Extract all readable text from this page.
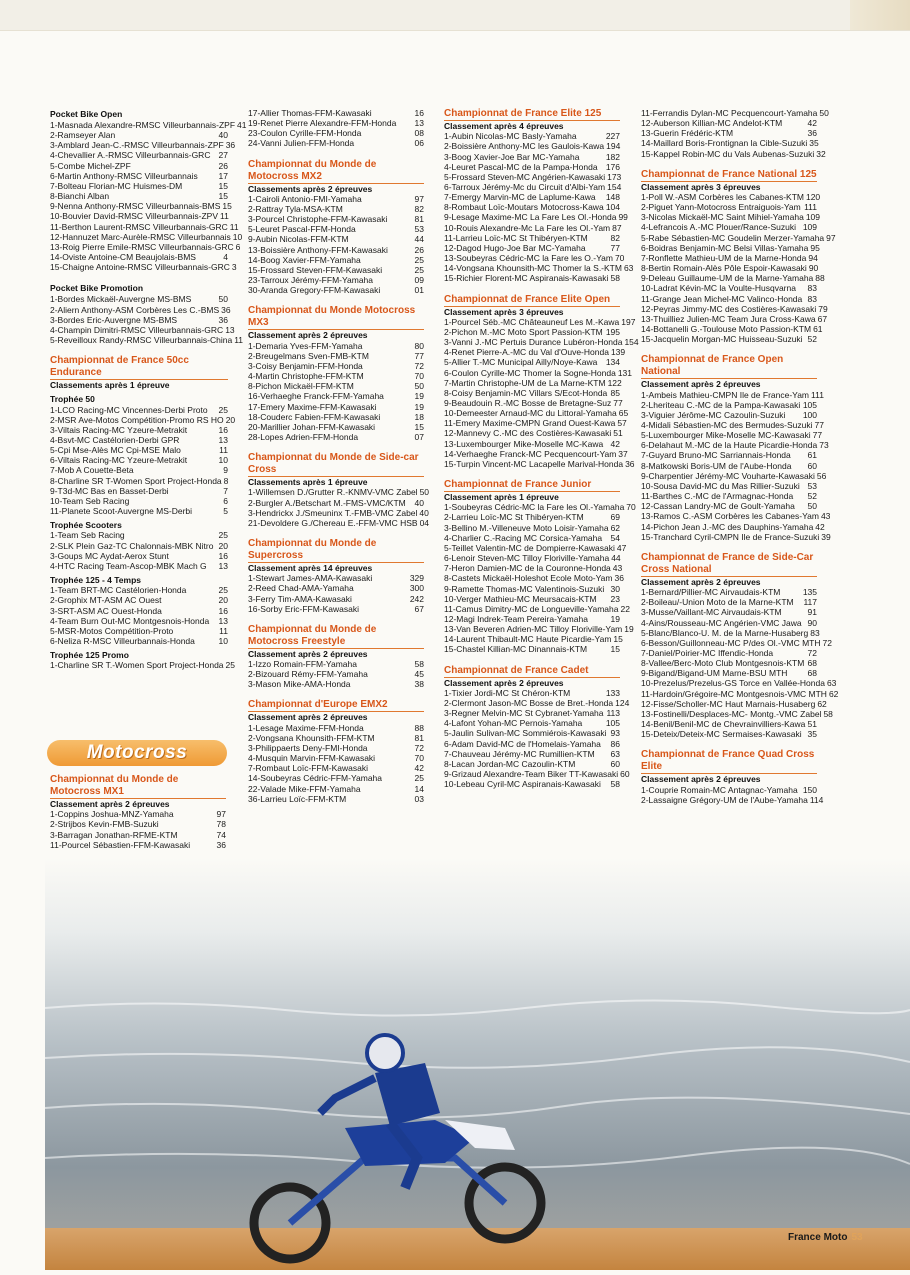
Pocket Bike Open
1-Masnada Alexandre-RMSC Villeurbannais-ZPF 41
2-Ramseyer Alan	40
3-Amblard Jean-C.-RMSC Villeurbannais-ZPF 36
4-Chevallier A.-RMSC Villeurbannais-GRC 27
5-Combe Michel-ZPF	26
6-Martin Anthony-RMSC Villeurbannais 17
7-Bolteau Florian-MC Huismes-DM	15
8-Bianchi Alban	15
9-Nenna Anthony-RMSC Villeurbannais-BMS 15
10-Bouvier David-RMSC Villeurbannais-ZPV 11
11-Berthon Laurent-RMSC Villeurbannais-GRC 11
12-Hannuzet Marc-Aurèle-RMSC Villeurbannais 10
13-Roig Pierre Emile-RMSC Villeurbannais-GRC 6
14-Oviste Antoine-CM Beaujolais-BMS	4
15-Chaigne Antoine-RMSC Villeurbannais-GRC 3
Pocket Bike Promotion
1-Bordes Mickaël-Auvergne MS-BMS	50
2-Aliern Anthony-ASM Corbères Les C.-BMS 36
3-Bordes Eric-Auvergne MS-BMS	36
4-Champin Dimitri-RMSC Villeurbannais-GRC 13
5-Reveilloux Randy-RMSC Villeurbannais-China 11
Championnat de France 50cc Endurance
Classements après 1 épreuve
Trophée 50
1-LCO Racing-MC Vincennes-Derbi Proto 25
2-MSR Ave-Motos Compétition-Promo RS HO 20
3-Viltais Racing-MC Yzeure-Metrakit	16
4-Bsvt-MC Castélorien-Derbi GPR	13
5-Cpi Mse-Alès MC Cpi-MSE Malo	11
6-Viltais Racing-MC Yzeure-Metrakit	10
7-Mob A Couette-Beta	9
8-Charline SR T-Women Sport Project-Honda 8
9-T3d-MC Bas en Basset-Derbi	7
10-Team Seb Racing	6
11-Planete Scoot-Auvergne MS-Derbi	5
Trophée Scooters
1-Team Seb Racing	25
2-SLK Plein Gaz-TC Chalonnais-MBK Nitro 20
3-Goups MC Aydat-Aerox Stunt	16
4-HTC Racing Team-Ascop-MBK Mach G 13
Trophée 125 - 4 Temps
1-Team BRT-MC Castélorien-Honda	25
2-Grophix MT-ASM AC Ouest	20
3-SRT-ASM AC Ouest-Honda	16
4-Team Burn Out-MC Montgesnois-Honda 13
5-MSR-Motos Compétition-Proto	11
6-Neliza R-MSC Villeurbannais-Honda	10
Trophée 125 Promo
1-Charline SR T.-Women Sport Project-Honda 25
Motocross
Championnat du Monde de Motocross MX1
Classement après 2 épreuves
1-Coppins Joshua-MNZ-Yamaha	97
2-Strijbos Kevin-FMB-Suzuki	78
3-Barragan Jonathan-RFME-KTM	74
11-Pourcel Sébastien-FFM-Kawasaki	36
17-Allier Thomas-FFM-Kawasaki	16
19-Renet Pierre Alexandre-FFM-Honda 13
23-Coulon Cyrille-FFM-Honda	08
24-Vanni Julien-FFM-Honda	06
Championnat du Monde de Motocross MX2
Classements après 2 épreuves
1-Cairoli Antonio-FMI-Yamaha	97
2-Rattray Tyla-MSA-KTM	82
3-Pourcel Christophe-FFM-Kawasaki	81
5-Leuret Pascal-FFM-Honda	53
9-Aubin Nicolas-FFM-KTM	44
13-Boissière Anthony-FFM-Kawasaki	26
14-Boog Xavier-FFM-Yamaha	25
15-Frossard Steven-FFM-Kawasaki	25
23-Tarroux Jérémy-FFM-Yamaha	09
30-Aranda Gregory-FFM-Kawasaki	01
Championnat du Monde Motocross MX3
Classement après 2 épreuves
1-Demaria Yves-FFM-Yamaha	80
2-Breugelmans Sven-FMB-KTM	77
3-Coisy Benjamin-FFM-Honda	72
4-Martin Christophe-FFM-KTM	70
8-Pichon Mickaël-FFM-KTM	50
16-Verhaeghe Franck-FFM-Yamaha	19
17-Emery Maxime-FFM-Kawasaki	19
18-Couderc Fabien-FFM-Kawasaki	18
20-Marillier Johan-FFM-Kawasaki	15
28-Lopes Adrien-FFM-Honda	07
Championnat du Monde de Side-car Cross
Classements après 1 épreuve
1-Willemsen D./Grutter R.-KNMV-VMC Zabel 50
2-Burgler A./Betschart M.-FMS-VMC/KTM 40
3-Hendrickx J./Smeuninx T.-FMB-VMC Zabel 40
21-Devoldere G./Chereau E.-FFM-VMC HSB 04
Championnat du Monde de Supercross
Classement après 14 épreuves
1-Stewart James-AMA-Kawasaki	329
2-Reed Chad-AMA-Yamaha	300
3-Ferry Tim-AMA-Kawasaki	242
16-Sorby Eric-FFM-Kawasaki	67
Championnat du Monde de Motocross Freestyle
Classement après 2 épreuves
1-Izzo Romain-FFM-Yamaha	58
2-Bizouard Rémy-FFM-Yamaha	45
3-Mason Mike-AMA-Honda	38
Championnat d'Europe EMX2
Classement après 2 épreuves
1-Lesage Maxime-FFM-Honda	88
2-Vongsana Khounsith-FFM-KTM	81
3-Philippaerts Deny-FMI-Honda	72
4-Musquin Marvin-FFM-Kawasaki	70
7-Rombaut Loïc-FFM-Kawasaki	42
14-Soubeyras Cédric-FFM-Yamaha	25
22-Valade Mike-FFM-Yamaha	14
36-Larrieu Loïc-FFM-KTM	03
Championnat de France Elite 125
Classement après 4 épreuves
1-Aubin Nicolas-MC Basly-Yamaha	227
2-Boissière Anthony-MC les Gaulois-Kawa 194
3-Boog Xavier-Joe Bar MC-Yamaha	182
4-Leuret Pascal-MC de la Pampa-Honda 176
5-Frossard Steven-MC Angérien-Kawasaki 173
6-Tarroux Jérémy-Mc du Circuit d'Albi-Yam 154
7-Emergy Marvin-MC de Laplume-Kawa 148
8-Rombaut Loïc-Moutars Motocross-Kawa 104
9-Lesage Maxime-MC La Fare Les Ol.-Honda 99
10-Rouis Alexandre-Mc La Fare les Ol.-Yam 87
11-Larrieu Loïc-MC St Thibéryen-KTM	82
12-Dagod Hugo-Joe Bar MC-Yamaha	77
13-Soubeyras Cédric-MC la Fare les O.-Yam 70
14-Vongsana Khounsith-MC Thomer la S.-KTM 63
15-Richier Florent-MC Aspiranais-Kawasaki 58
Championnat de France Elite Open
Classement après 3 épreuves
1-Pourcel Séb.-MC Châteauneuf Les M.-Kawa 197
2-Pichon M.-MC Moto Sport Passion-KTM 195
3-Vanni J.-MC Pertuis Durance Lubéron-Honda 154
4-Renet Pierre-A.-MC du Val d'Ouve-Honda 139
5-Allier T.-MC Municipal Ailly/Noye-Kawa 134
6-Coulon Cyrille-MC Thomer la Sogne-Honda 131
7-Martin Christophe-UM de La Marne-KTM 122
8-Coisy Benjamin-MC Villars S/Ecot-Honda 85
9-Beaudouin R.-MC Bosse de Bretagne-Suz 77
10-Demeester Arnaud-MC du Littoral-Yamaha 65
11-Emery Maxime-CMPN Grand Ouest-Kawa 57
12-Mannevy C.-MC des Costières-Kawasaki 51
13-Luxembourger Mike-Moselle MC-Kawa 42
14-Verhaeghe Franck-MC Pecquencourt-Yam 37
15-Turpin Vincent-MC Lacapelle Marival-Honda 36
Championnat de France Junior
Classement après 1 épreuve
1-Soubeyras Cédric-MC la Fare les Ol.-Yamaha 70
2-Larrieu Loïc-MC St Thibéryen-KTM	69
3-Bellino M.-Villeneuve Moto Loisir-Yamaha 62
4-Charlier C.-Racing MC Corsica-Yamaha 54
5-Teillet Valentin-MC de Dompierre-Kawasaki 47
6-Lenoir Steven-MC Tilloy Floriville-Yamaha 44
7-Heron Damien-MC de la Couronne-Honda 43
8-Castets Mickaël-Holeshot Ecole Moto-Yam 36
9-Ramette Thomas-MC Valentinois-Suzuki 30
10-Verger Mathieu-MC Meursacais-KTM 23
11-Camus Dimitry-MC de Longueville-Yamaha 22
12-Magi Indrek-Team Pereira-Yamaha	19
13-Van Beveren Adrien-MC Tilloy Floriville-Yam 19
14-Laurent Thibault-MC Haute Picardie-Yam 15
15-Chastel Killian-MC Dinannais-KTM	15
Championnat de France Cadet
Classement après 2 épreuves
1-Tixier Jordi-MC St Chéron-KTM	133
2-Clermont Jason-MC Bosse de Bret.-Honda 124
3-Regner Melvin-MC St Cybranet-Yamaha 113
4-Lafont Yohan-MC Pernois-Yamaha	105
5-Jaulin Sulivan-MC Sommiérois-Kawasaki 93
6-Adam David-MC de l'Homelais-Yamaha 86
7-Chauveau Jérémy-MC Rumillien-KTM 63
8-Lacan Jordan-MC Cazoulin-KTM	60
9-Grizaud Alexandre-Team Biker TT-Kawasaki 60
10-Lebeau Cyril-MC Aspiranais-Kawasaki 58
11-Ferrandis Dylan-MC Pecquencourt-Yamaha 50
12-Auberson Killian-MC Andelot-KTM	42
13-Guerin Frédéric-KTM	36
14-Maillard Boris-Frontignan la Cible-Suzuki 35
15-Kappel Robin-MC du Vals Aubenas-Suzuki 32
Championnat de France National 125
Classement après 3 épreuves
1-Poll W.-ASM Corbères les Cabanes-KTM 120
2-Piguet Yann-Motocross Entraiguois-Yam 111
3-Nicolas Mickaël-MC Saint Mihiel-Yamaha 109
4-Lefrancois A.-MC Plouer/Rance-Suzuki 109
5-Rabe Sébastien-MC Goudelin Merzer-Yamaha 97
6-Boidras Benjamin-MC Belsi Villas-Yamaha 95
7-Ronflette Mathieu-UM de la Marne-Honda 94
8-Bertin Romain-Alès Pôle Espoir-Kawasaki 90
9-Deleau Guillaume-UM de la Marne-Yamaha 88
10-Ladrat Kévin-MC la Voulte-Husqvarna 83
11-Grange Jean Michel-MC Valinco-Honda 83
12-Peyras Jimmy-MC des Costières-Kawasaki 79
13-Thuilliez Julien-MC Team Jura Cross-Kawa 67
14-Bottanelli G.-Toulouse Moto Passion-KTM 61
15-Jacquelin Morgan-MC Huisseau-Suzuki 52
Championnat de France Open National
Classement après 2 épreuves
1-Ambeis Mathieu-CMPN Ile de France-Yam 111
2-Lheriteau C.-MC de la Pampa-Kawasaki 105
3-Viguier Jérôme-MC Cazoulin-Suzuki 100
4-Midali Sébastien-MC des Bermudes-Suzuki 77
5-Luxembourger Mike-Moselle MC-Kawasaki 77
6-Delahaut M.-MC de la Haute Picardie-Honda 73
7-Guyard Bruno-MC Sarriannais-Honda 61
8-Matkowski Boris-UM de l'Aube-Honda 60
9-Charpentier Jérémy-MC Vouharte-Kawasaki 56
10-Sousa David-MC du Mas Rillier-Suzuki 53
11-Barthes C.-MC de l'Armagnac-Honda 52
12-Cassan Landry-MC de Goult-Yamaha 50
13-Ramos C.-ASM Corbères les Cabanes-Yam 43
14-Pichon Jean J.-MC des Dauphins-Yamaha 42
15-Tranchard Cyril-CMPN Ile de France-Suzuki 39
Championnat de France de Side-Car Cross National
Classement après 2 épreuves
1-Bernard/Pillier-MC Airvaudais-KTM	135
2-Boileau/-Union Moto de la Marne-KTM 117
3-Musse/Vaillant-MC Airvaudais-KTM	91
4-Ains/Rousseau-MC Angérien-VMC Jawa 90
5-Blanc/Blanco-U. M. de la Marne-Husaberg 83
6-Besson/Guillonneau-MC P/des Ol.-VMC MTH 72
7-Daniel/Poirier-MC Iffendic-Honda	72
8-Vallee/Berc-Moto Club Montgesnois-KTM 68
9-Bigand/Bigand-UM Marne-BSU MTH 68
10-Prezelus/Prezelus-GS Torce en Vallée-Honda 63
11-Hardoin/Grégoire-MC Montgesnois-VMC MTH 62
12-Fisse/Scholler-MC Haut Marnais-Husaberg 62
13-Fostinelli/Desplaces-MC- Montg.-VMC Zabel 58
14-Benil/Benil-MC de Chevrainvilliers-Kawa 51
15-Deteix/Deteix-MC Sermaises-Kawasaki 35
Championnat de France Quad Cross Elite
Classement après 2 épreuves
1-Couprie Romain-MC Antagnac-Yamaha 150
2-Lassaigne Grégory-UM de l'Aube-Yamaha 114
France Moto 53
